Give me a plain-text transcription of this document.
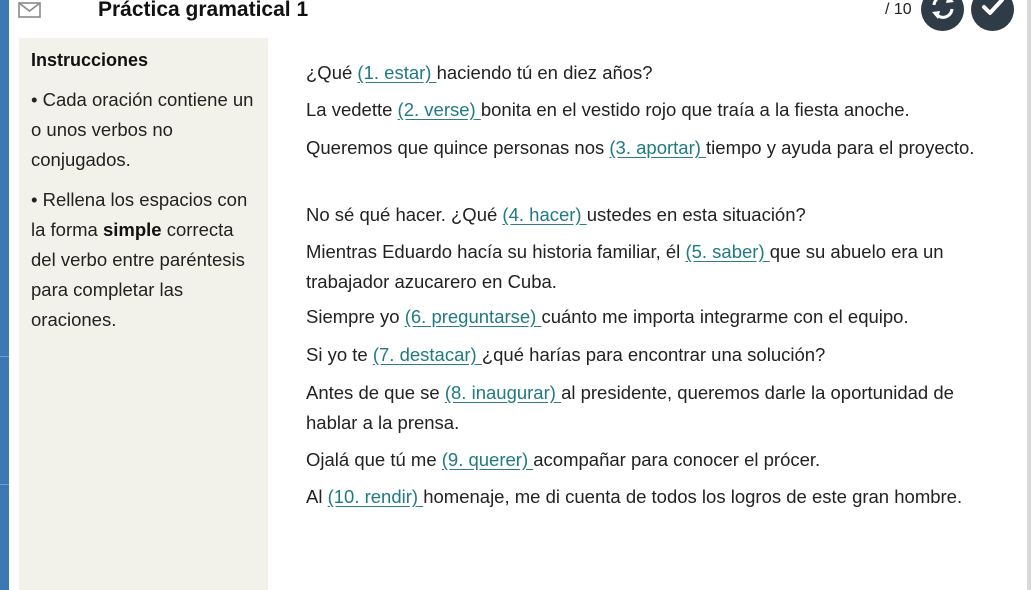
Práctica gramatical 1	/ 10
Instrucciones
• Cada oración contiene un o unos verbos no conjugados.
• Rellena los espacios con la forma simple correcta del verbo entre paréntesis para completar las oraciones.
¿Qué (1. estar) haciendo tú en diez años?
La vedette (2. verse) bonita en el vestido rojo que traía a la fiesta anoche.
Queremos que quince personas nos (3. aportar) tiempo y ayuda para el proyecto.
No sé qué hacer. ¿Qué (4. hacer) ustedes en esta situación?
Mientras Eduardo hacía su historia familiar, él (5. saber) que su abuelo era un trabajador azucarero en Cuba.
Siempre yo (6. preguntarse) cuánto me importa integrarme con el equipo.
Si yo te (7. destacar) ¿qué harías para encontrar una solución?
Antes de que se (8. inaugurar) al presidente, queremos darle la oportunidad de hablar a la prensa.
Ojalá que tú me (9. querer) acompañar para conocer el prócer.
Al (10. rendir) homenaje, me di cuenta de todos los logros de este gran hombre.
